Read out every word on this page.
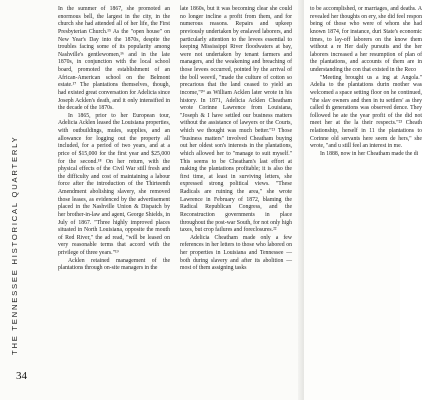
THE TENNESSEE HISTORICAL QUARTERLY
34

In the summer of 1867, she promoted an enormous bell, the largest in the city, in the church she had attended all of her life, the First Presbyterian Church.¹⁵ As the "open house" on New Year's Day into the 1870s, despite the troubles facing some of its popularity among Nashville's gentlewomen,¹⁶ and in the late 1870s, in conjunction with the local school board, promoted the establishment of an African-American school on the Belmont estate.¹⁷ The plantations themselves, though, had existed great conversation for Adelicia since Joseph Acklen's death, and it only intensified in the decade of the 1870s.

In 1865, prior to her European tour, Adelicia Acklen leased the Louisiana properties, with outbuildings, mules, supplies, and an allowance for logging out the property all included, for a period of two years, and at a price of $15,000 for the first year and $25,000 for the second.¹⁸ On her return, with the physical effects of the Civil War still fresh and the difficulty and cost of maintaining a labour force after the introduction of the Thirteenth Amendment abolishing slavery, she removed those leases, as evidenced by the advertisement placed in the Nashville Union & Dispatch by her brother-in-law and agent, George Shields, in July of 1867. "Three highly improved places situated in North Louisiana, opposite the mouth of Red River," the ad read, "will be leased on very reasonable terms that accord with the privilege of three years."¹⁹

Acklen retained management of the plantations through on-site managers in the

late 1860s, but it was becoming clear she could no longer incline a profit from them, and for numerous reasons. Repairs and upkeep previously undertaken by enslaved laborers, and particularly attention to the levees essential to keeping Mississippi River floodwaters at bay, were not undertaken by tenant farmers and managers, and the weakening and breaching of those levees occurred, pointed by the arrival of the boll weevil, "made the culture of cotton so precarious that the land ceased to yield an income,"²⁰ as William Acklen later wrote in his history. In 1871, Adelicia Acklen Cheatham wrote Corinne Lawrence from Louisiana, "Joseph & I have settled our business matters without the assistance of lawyers or the Courts, which we thought was much better."²¹ Those "business matters" involved Cheatham buying out her oldest son's interests in the plantations, which allowed her to "manage to suit myself." This seems to be Cheatham's last effort at making the plantations profitable; it is also the first time, at least in surviving letters, she expressed strong political views. "These Radicals are ruining the area," she wrote Lawrence in February of 1872, blaming the Radical Republican Congress, and the Reconstruction governments in place throughout the post-war South, for not only high taxes, but crop failures and foreclosures.²²

Adelicia Cheatham made only a few references in her letters to those who labored on her properties in Louisiana and Tennessee — both during slavery and after its abolition — most of them assigning tasks

to be accomplished, or marriages, and deaths. A revealed her thoughts on ery, she did feel respon being of those who were of whom she had known 1874, for instance, duri State's economic times, to lay-off laborers on the know them without a re Her daily pursuits and the her laborers increased a her resumption of plan of the plantations, and accounts of them are in understanding the con that existed in the Reco

"Meeting brought us a ing at Angola." Adelia to the plantations durin mother was welcomed a space setting floor on he continued, "the slav owners and then in tu settlers' as they called th generations was observed dence. They followed he ate the year profit of the did not meet her at the la their respects."²³ Cheath relationship, herself in 11 the plantations to Corinne old servants here seem de hers," she wrote, "and u still feel an interest in me.

In 1888, now in her Cheatham made the di
